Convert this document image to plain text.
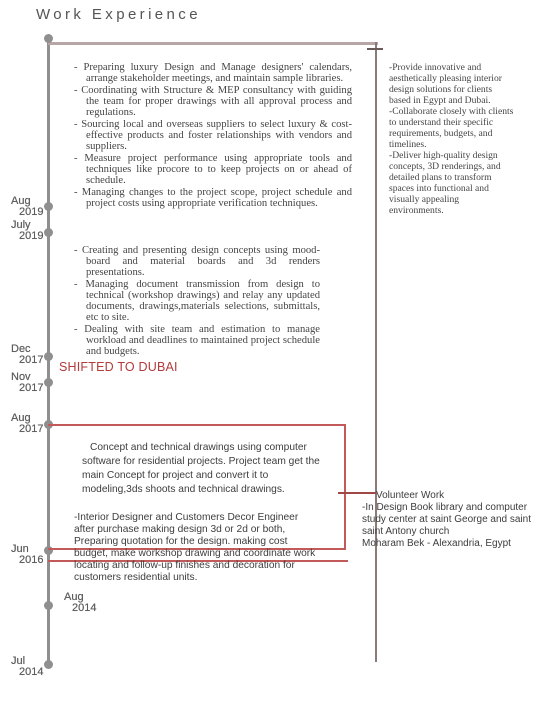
Work Experience
Aug
2019
July
2019
Dec
2017
Nov
2017
Aug
2017
Jun
2016
Aug
2014
Jul
2014

- Preparing luxury Design and Manage designers' calendars, arrange stakeholder meetings, and maintain sample libraries.

- Coordinating with Structure & MEP consultancy with guiding the team for proper drawings with all approval process and regulations.

- Sourcing local and overseas suppliers to select luxury & cost-effective products and foster relationships with vendors and suppliers.

- Measure project performance using appropriate tools and techniques like procore to to keep projects on or ahead of schedule.

- Managing changes to the project scope, project schedule and project costs using appropriate verification techniques.

-Provide innovative and aesthetically pleasing interior design solutions for clients based in Egypt and Dubai.

-Collaborate closely with clients to understand their specific requirements, budgets, and timelines.

-Deliver high-quality design concepts, 3D renderings, and detailed plans to transform spaces into functional and visually appealing environments.

- Creating and presenting design concepts using mood-board and material boards and 3d renders presentations.

- Managing document transmission from design to technical (workshop drawings) and relay any updated documents, drawings,materials selections, submittals, etc to site.

- Dealing with site team and estimation to manage workload and deadlines to maintained project schedule and budgets.

SHIFTED TO DUBAI
Concept and technical drawings using computer software for residential projects. Project team get the main Concept for project and convert it to modeling,3ds shoots and technical drawings.
-Interior Designer and Customers Decor Engineer after purchase making design 3d or 2d or both, Preparing quotation for the design. making cost budget, make workshop drawing and coordinate work locating and follow-up finishes and decoration for customers residential units.

Volunteer Work

-In Design Book library and computer study center at saint George and saint saint Antony church

Moharam Bek - Alexandria, Egypt
